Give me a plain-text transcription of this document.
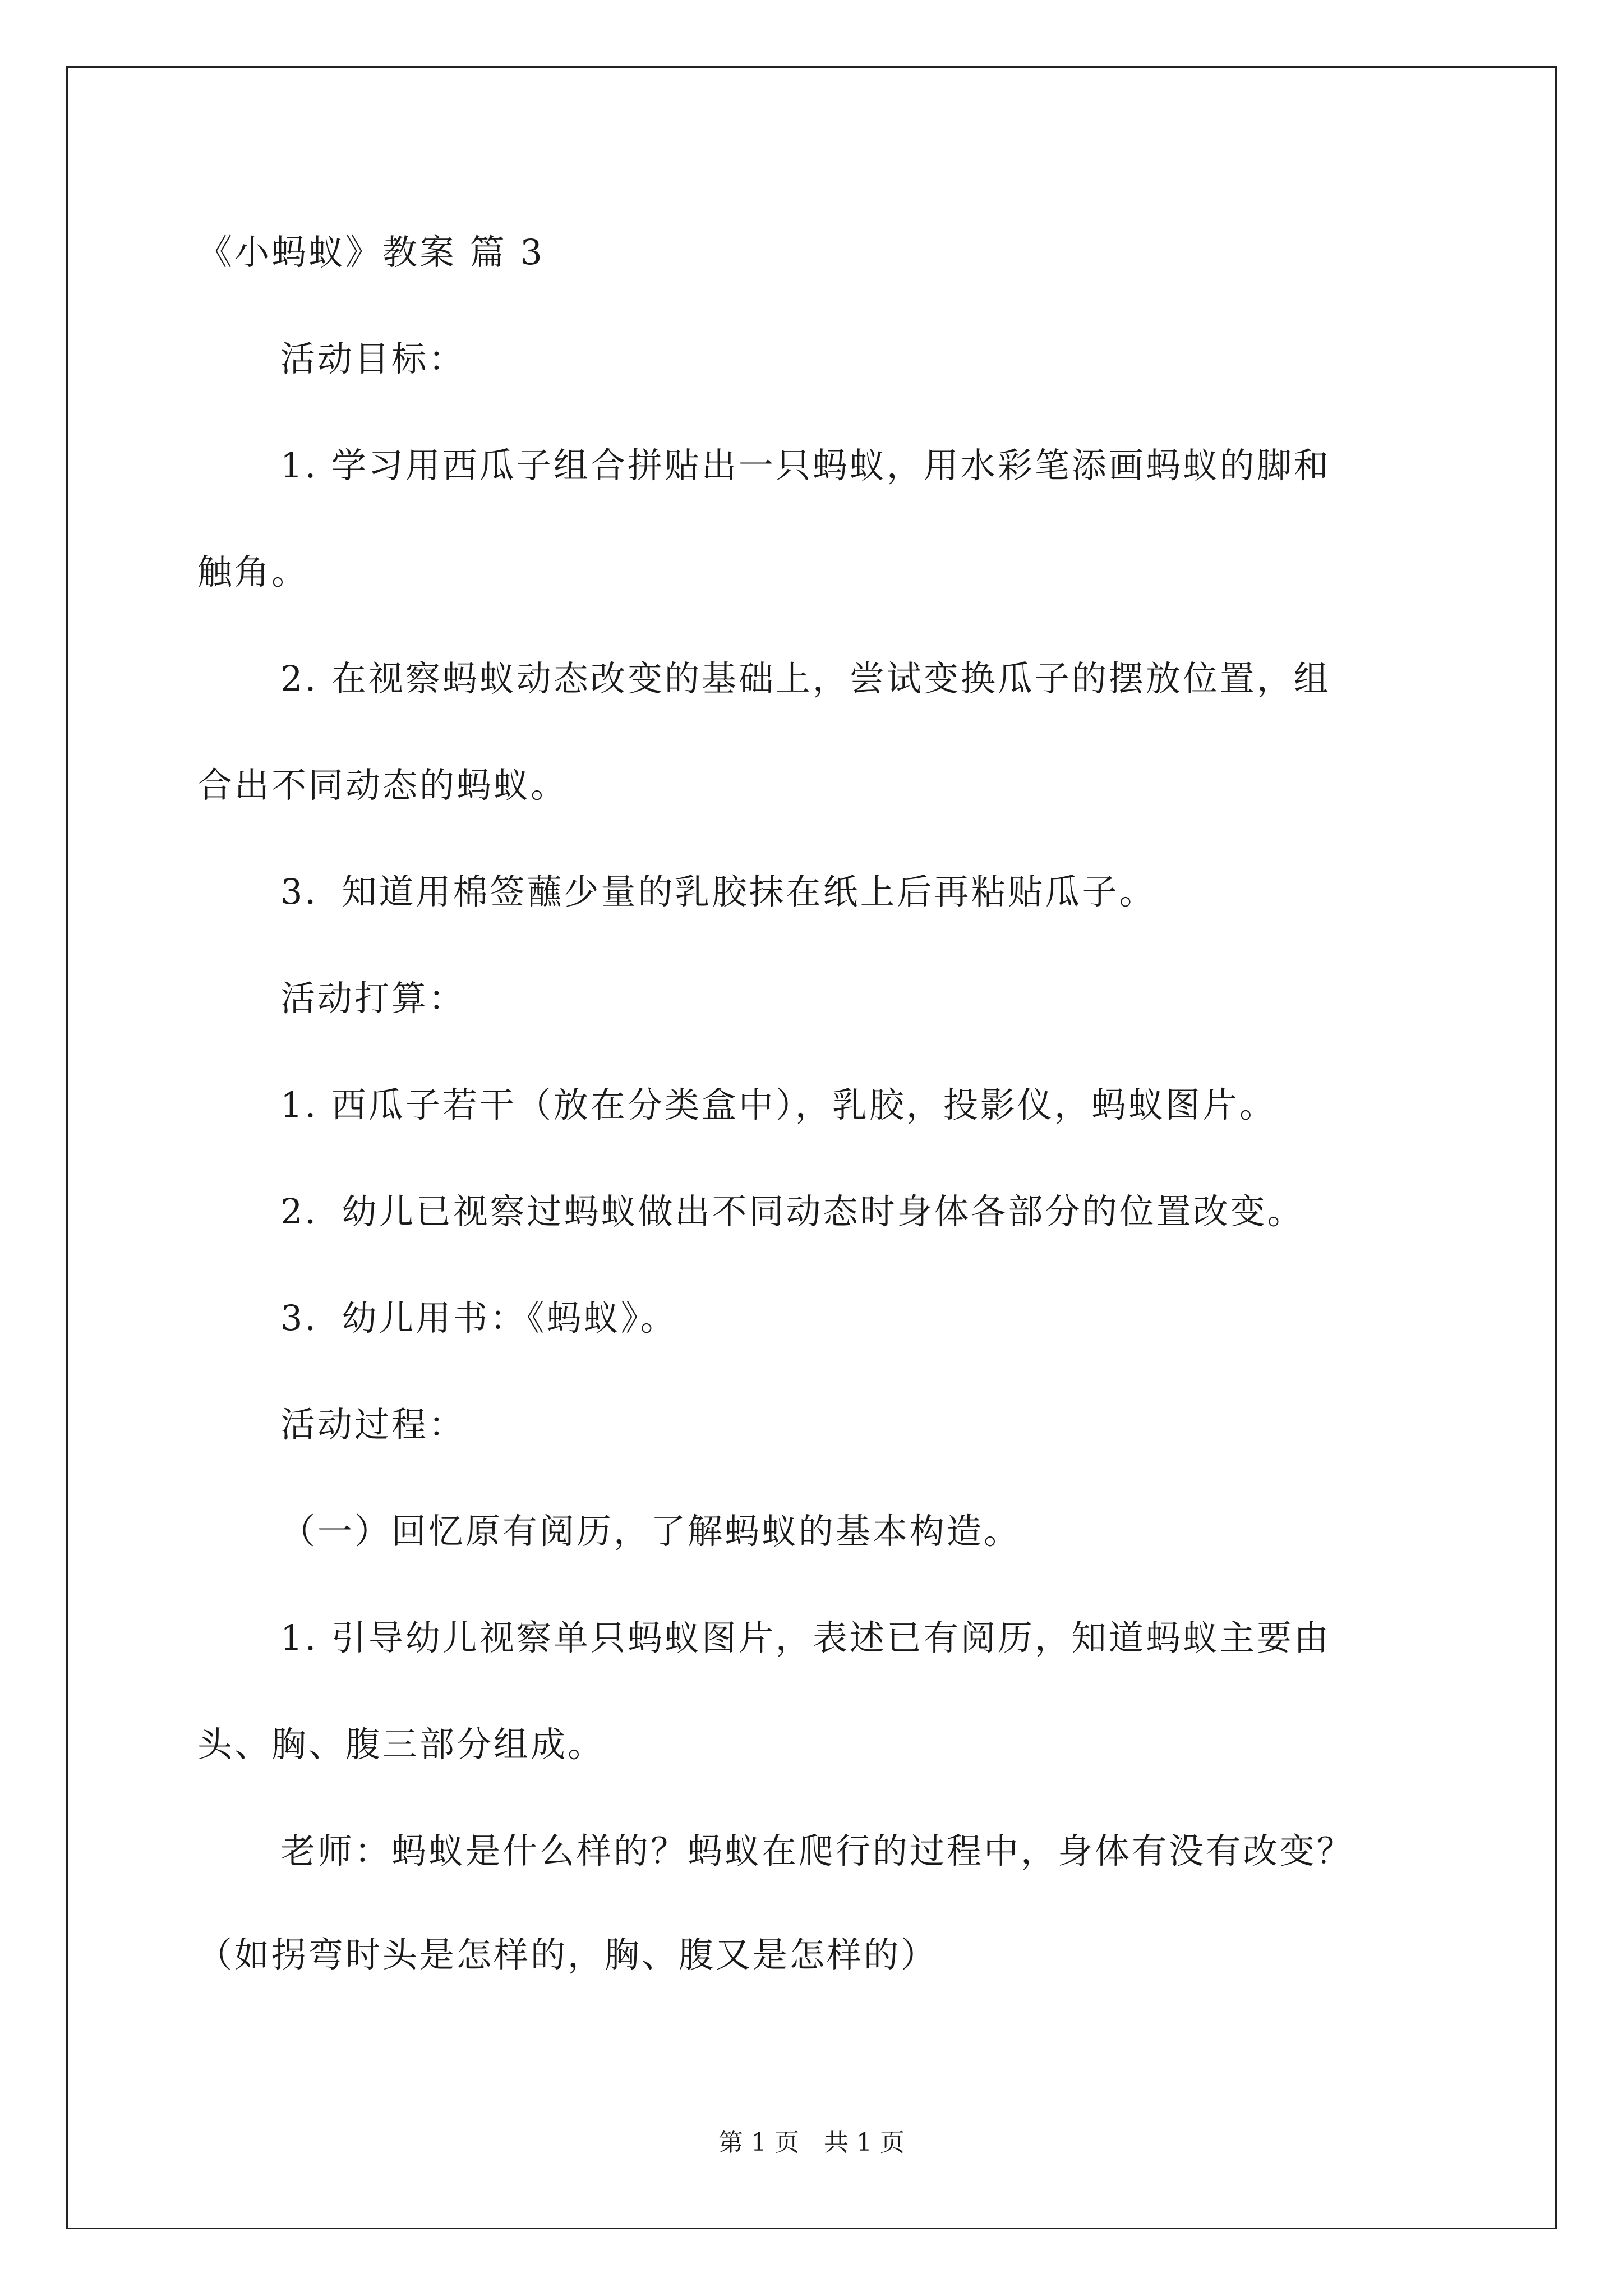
《小蚂蚁》教案 篇 3
活动目标：
1. 学习用西瓜子组合拼贴出一只蚂蚁，用水彩笔添画蚂蚁的脚和
触角。
2. 在视察蚂蚁动态改变的基础上，尝试变换瓜子的摆放位置，组
合出不同动态的蚂蚁。
3．知道用棉签蘸少量的乳胶抹在纸上后再粘贴瓜子。
活动打算：
1. 西瓜子若干（放在分类盒中），乳胶，投影仪，蚂蚁图片。
2．幼儿已视察过蚂蚁做出不同动态时身体各部分的位置改变。
3．幼儿用书：《蚂蚁》。
活动过程：
（一）回忆原有阅历，了解蚂蚁的基本构造。
1. 引导幼儿视察单只蚂蚁图片，表述已有阅历，知道蚂蚁主要由
头、胸、腹三部分组成。
老师：蚂蚁是什么样的？蚂蚁在爬行的过程中，身体有没有改变？
（如拐弯时头是怎样的，胸、腹又是怎样的）
第 1 页　共 1 页
